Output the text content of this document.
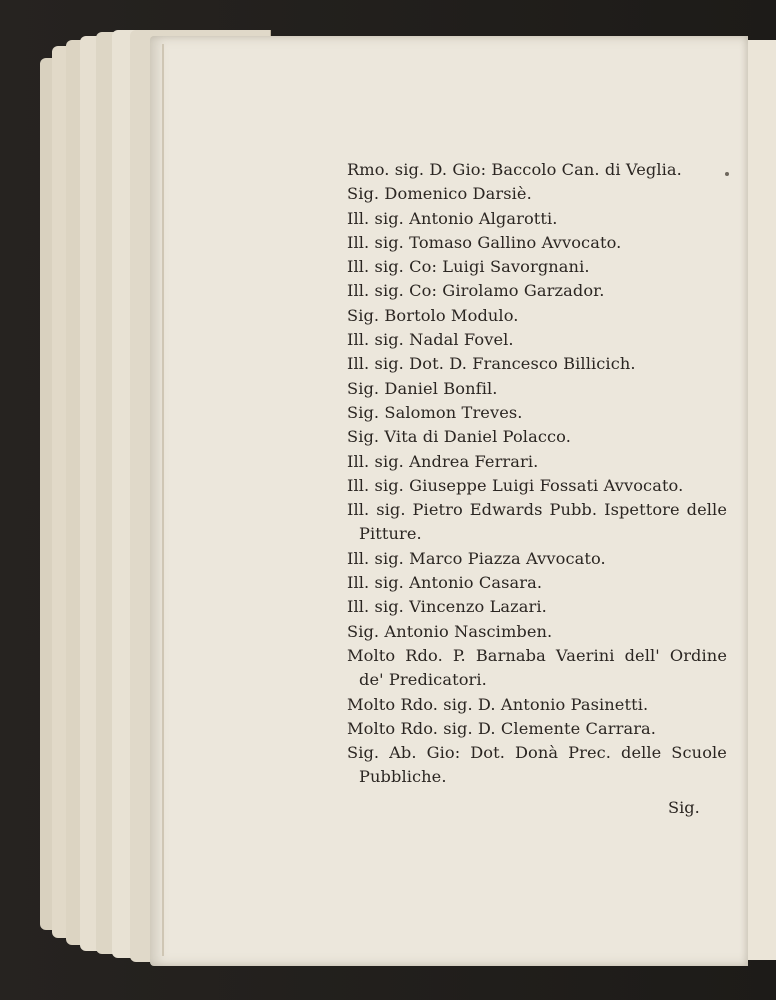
Rmo. sig. D. Gio: Baccolo Can. di Veglia.

Sig. Domenico Darsiè.

Ill. sig. Antonio Algarotti.

Ill. sig. Tomaso Gallino Avvocato.

Ill. sig. Co: Luigi Savorgnani.

Ill. sig. Co: Girolamo Garzador.

Sig. Bortolo Modulo.

Ill. sig. Nadal Fovel.

Ill. sig. Dot. D. Francesco Billicich.

Sig. Daniel Bonfil.

Sig. Salomon Treves.

Sig. Vita di Daniel Polacco.

Ill. sig. Andrea Ferrari.

Ill. sig. Giuseppe Luigi Fossati Avvocato.

Ill. sig. Pietro Edwards Pubb. Ispettore delle
Pitture.

Ill. sig. Marco Piazza Avvocato.

Ill. sig. Antonio Casara.

Ill. sig. Vincenzo Lazari.

Sig. Antonio Nascimben.

Molto Rdo. P. Barnaba Vaerini dell' Ordine
de' Predicatori.

Molto Rdo. sig. D. Antonio Pasinetti.

Molto Rdo. sig. D. Clemente Carrara.

Sig. Ab. Gio: Dot. Donà Prec. delle Scuole
Pubbliche.

Sig.
